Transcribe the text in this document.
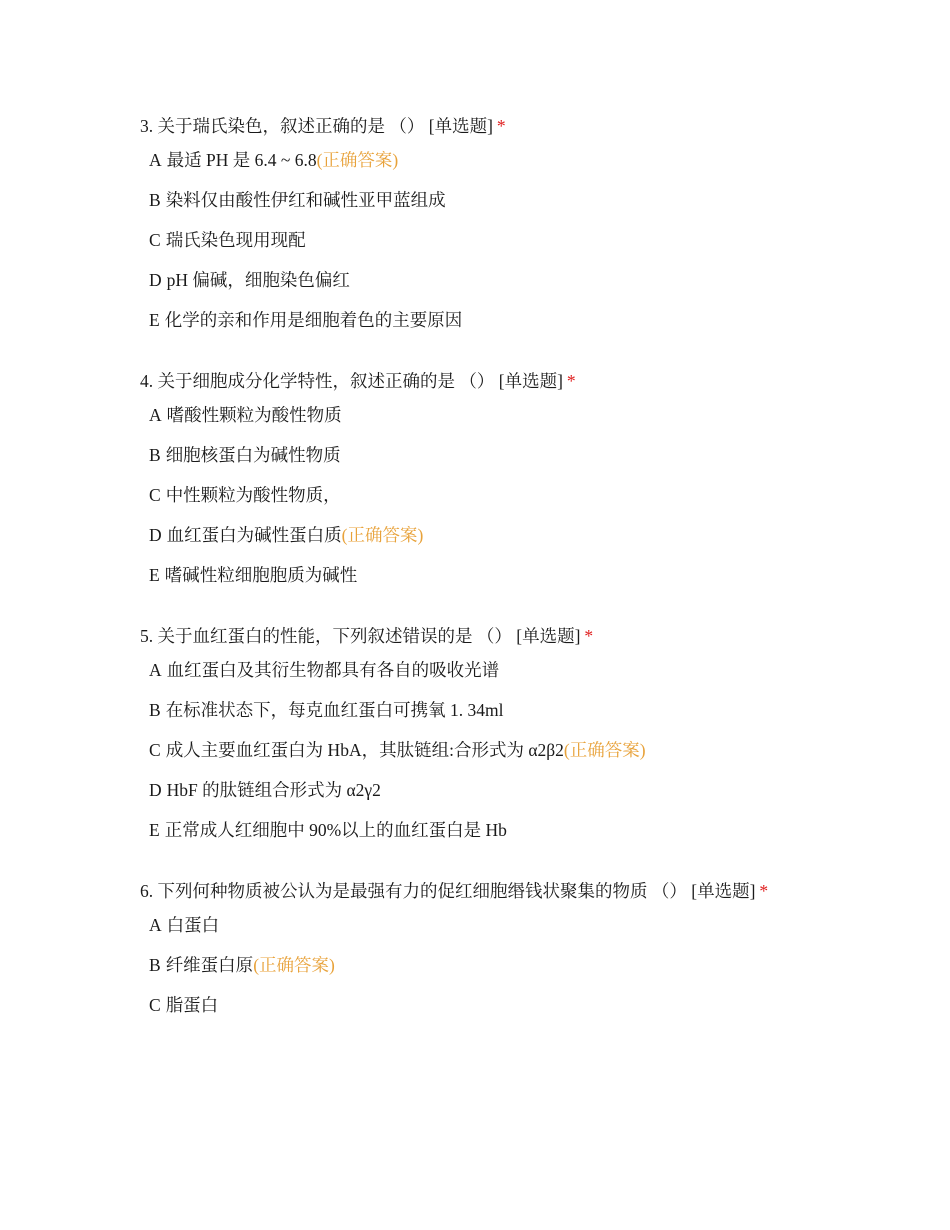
3. 关于瑞氏染色，叙述正确的是 （） [单选题] *
A 最适 PH 是 6.4 ~ 6.8(正确答案)
B 染料仅由酸性伊红和碱性亚甲蓝组成
C 瑞氏染色现用现配
D pH 偏碱，细胞染色偏红
E 化学的亲和作用是细胞着色的主要原因
4. 关于细胞成分化学特性，叙述正确的是 （） [单选题] *
A 嗜酸性颗粒为酸性物质
B 细胞核蛋白为碱性物质
C 中性颗粒为酸性物质，
D 血红蛋白为碱性蛋白质(正确答案)
E 嗜碱性粒细胞胞质为碱性
5. 关于血红蛋白的性能，下列叙述错误的是 （） [单选题] *
A 血红蛋白及其衍生物都具有各自的吸收光谱
B 在标准状态下，每克血红蛋白可携氧 1. 34ml
C 成人主要血红蛋白为 HbA，其肽链组:合形式为 α2β2(正确答案)
D HbF 的肽链组合形式为 α2γ2
E 正常成人红细胞中 90%以上的血红蛋白是 Hb
6. 下列何种物质被公认为是最强有力的促红细胞缗钱状聚集的物质 （） [单选题] *
A 白蛋白
B 纤维蛋白原(正确答案)
C 脂蛋白
